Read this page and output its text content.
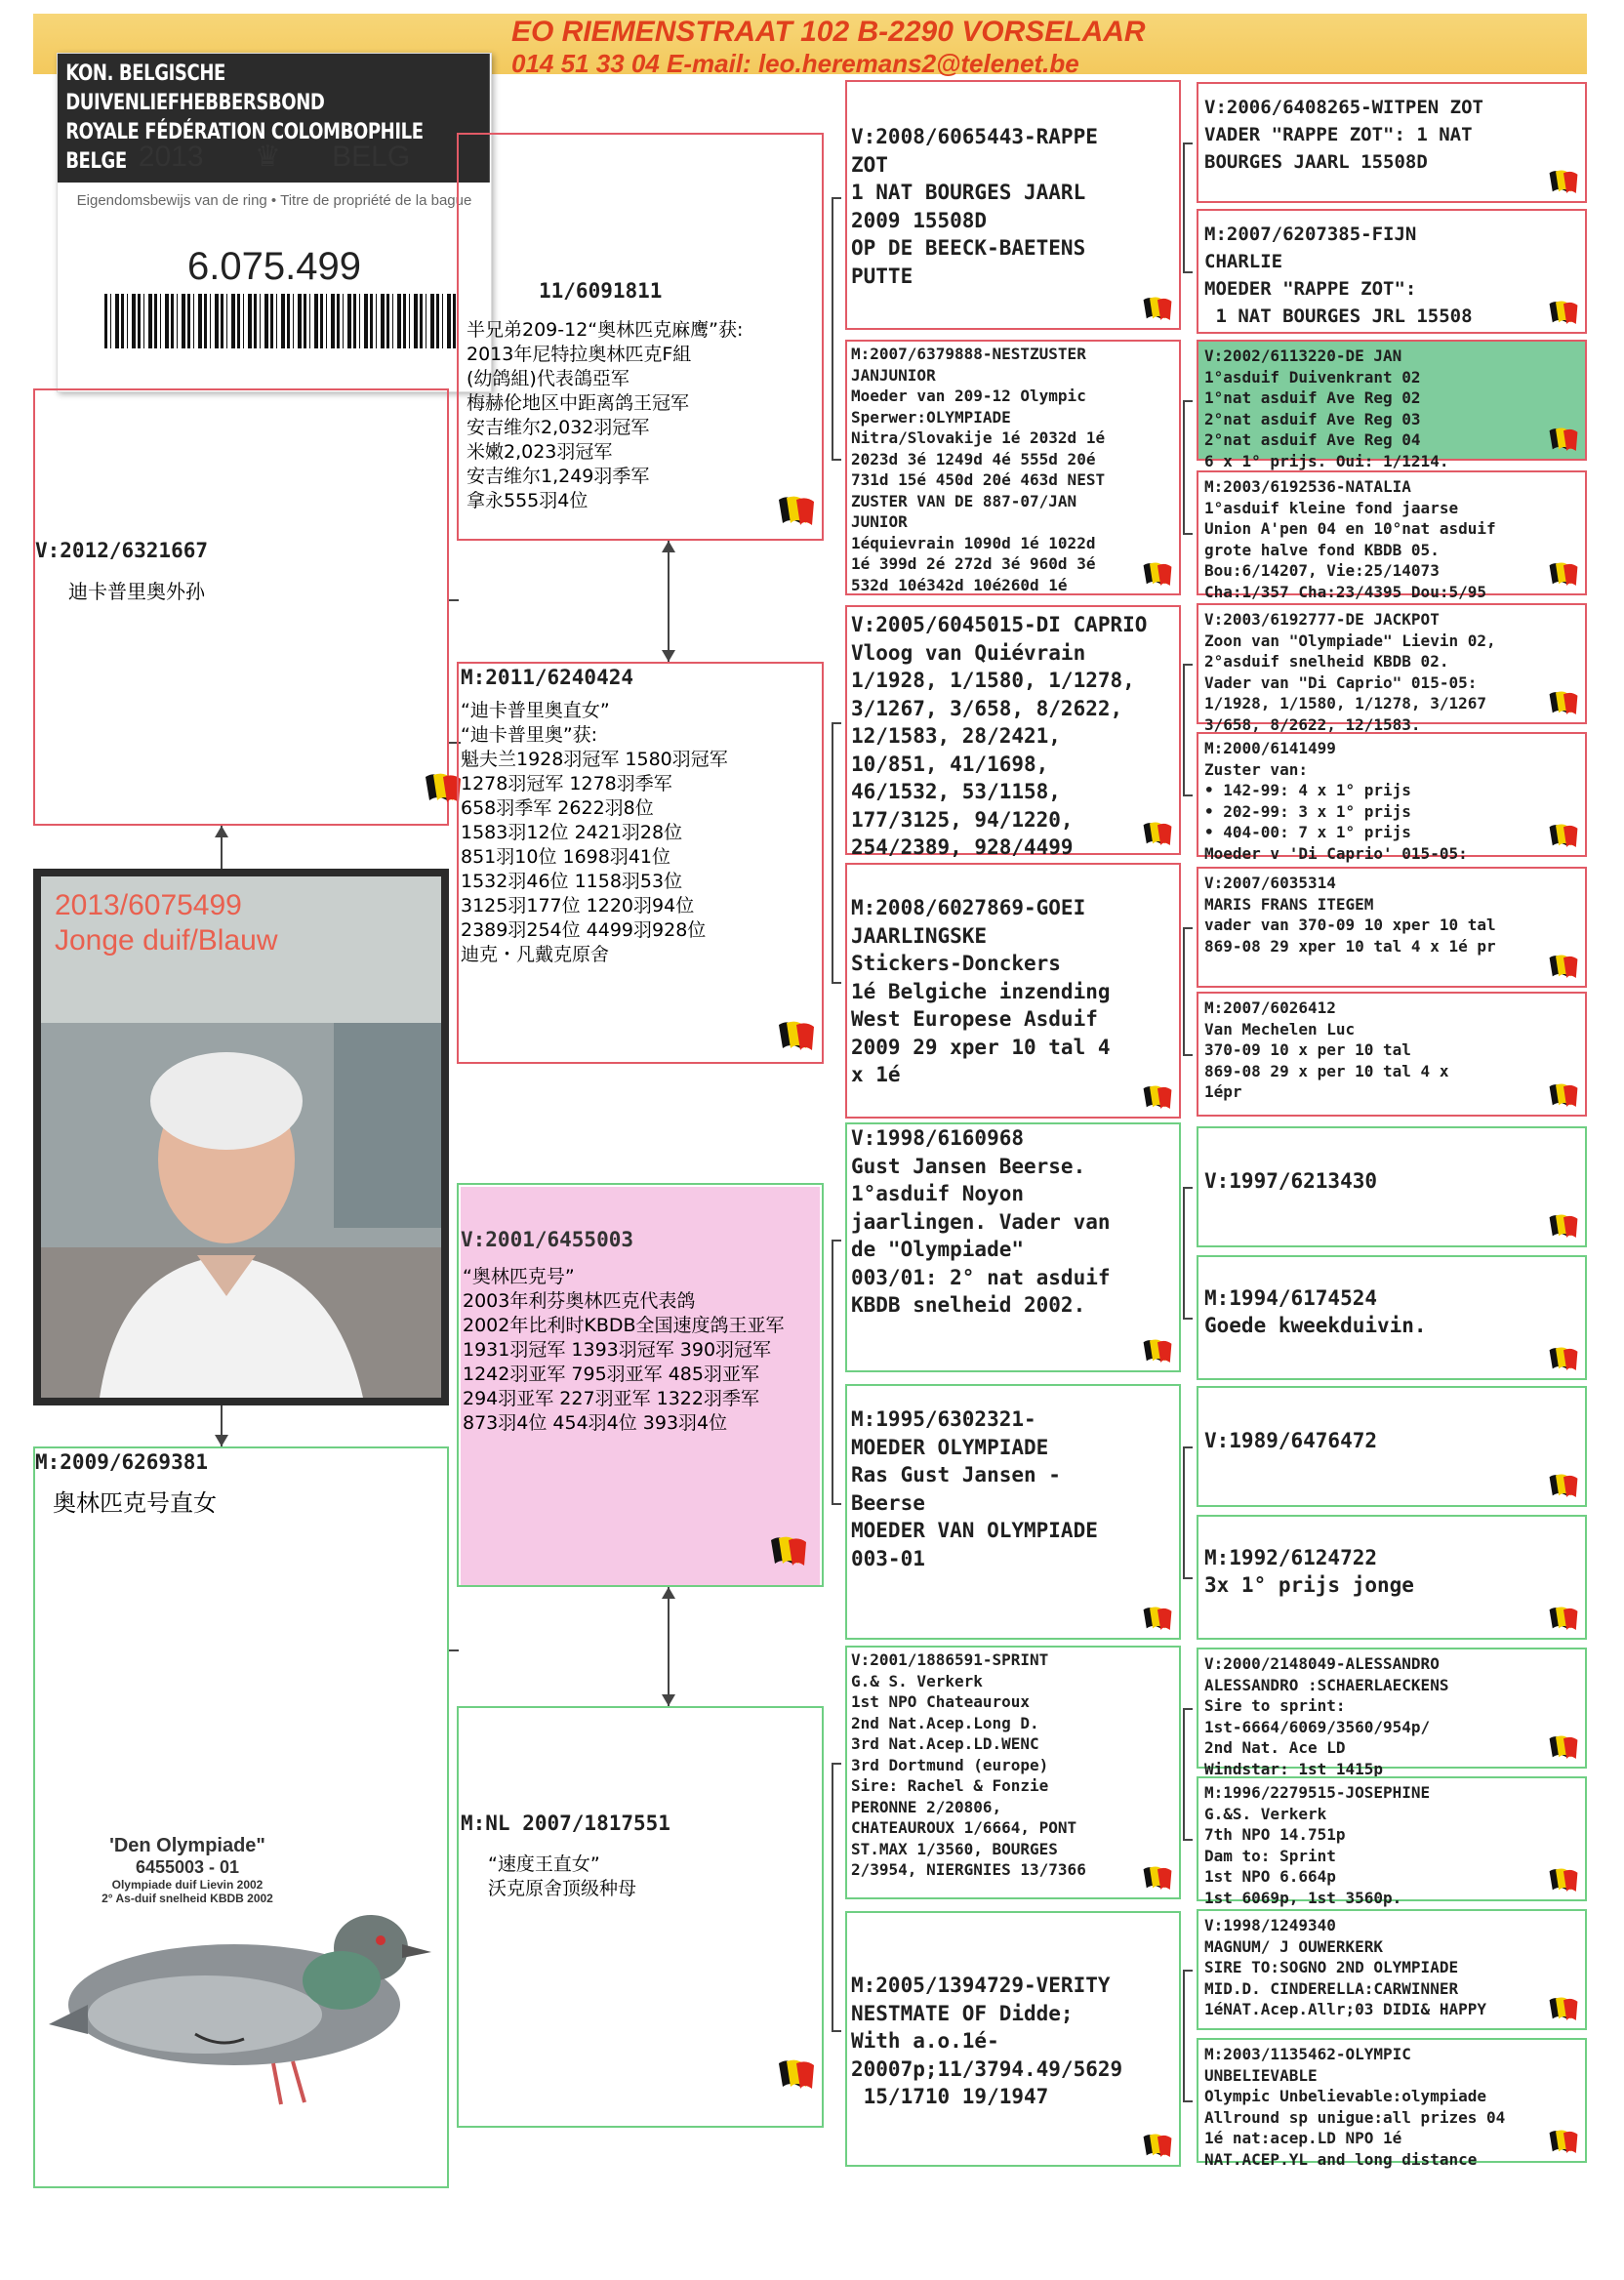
EO RIEMENSTRAAT 102 B-2290 VORSELAAR
014 51 33 04 E-mail: leo.heremans2@telenet.be
KON. BELGISCHE DUIVENLIEFHEBBERSBOND
ROYALE FÉDÉRATION COLOMBOPHILE BELGE 2013 ♛ BELG
Eigendomsbewijs van de ring • Titre de propriété de la bague
6.075.499
2013/6075499
Jonge duif/Blauw
V:2012/6321667
迪卡普里奥外孙
M:2009/6269381
奥林匹克号直女
'Den Olympiade"
6455003 - 01
Olympiade duif Lievin 2002
2° As-duif snelheid KBDB 2002
11/6091811
半兄弟209-12“奥林匹克麻鹰”获:
2013年尼特拉奥林匹克F組
(幼鸽組)代表鴿亞军
梅赫伦地区中距离鸽王冠军
安吉维尔2,032羽冠军
米嫩2,023羽冠军
安吉维尔1,249羽季军
拿永555羽4位
M:2011/6240424
“迪卡普里奥直女”
“迪卡普里奥”获:
魁夫兰1928羽冠军 1580羽冠军
1278羽冠军 1278羽季军
658羽季军 2622羽8位
1583羽12位 2421羽28位
851羽10位 1698羽41位
1532羽46位 1158羽53位
3125羽177位 1220羽94位
2389羽254位 4499羽928位
迪克・凡戴克原舍
V:2001/6455003
“奥林匹克号”
2003年利芬奥林匹克代表鸽
2002年比利时KBDB全国速度鸽王亚军
1931羽冠军 1393羽冠军 390羽冠军
1242羽亚军 795羽亚军 485羽亚军
294羽亚军 227羽亚军 1322羽季军
873羽4位 454羽4位 393羽4位
M:NL 2007/1817551
“速度王直女”
沃克原舍顶级种母
V:2008/6065443-RAPPE
ZOT
1 NAT BOURGES JAARL
2009 15508D
OP DE BEECK-BAETENS
PUTTE
M:2007/6379888-NESTZUSTER
JANJUNIOR
Moeder van 209-12 Olympic
Sperwer:OLYMPIADE
Nitra/Slovakije 1é 2032d 1é
2023d 3é 1249d 4é 555d 20é
731d 15é 450d 20é 463d NEST
ZUSTER VAN DE 887-07/JAN
JUNIOR
1équievrain 1090d 1é 1022d
1é 399d 2é 272d 3é 960d 3é
532d 10é342d 10é260d 1é
V:2005/6045015-DI CAPRIO
Vloog van Quiévrain
1/1928, 1/1580, 1/1278,
3/1267, 3/658, 8/2622,
12/1583, 28/2421,
10/851, 41/1698,
46/1532, 53/1158,
177/3125, 94/1220,
254/2389, 928/4499
M:2008/6027869-GOEI
JAARLINGSKE
Stickers-Donckers
1é Belgiche inzending
West Europese Asduif
2009 29 xper 10 tal 4
x 1é
V:1998/6160968
Gust Jansen Beerse.
1°asduif Noyon
jaarlingen. Vader van
de "Olympiade"
003/01: 2° nat asduif
KBDB snelheid 2002.
M:1995/6302321-
MOEDER OLYMPIADE
Ras Gust Jansen -
Beerse
MOEDER VAN OLYMPIADE
003-01
V:2001/1886591-SPRINT
G.& S. Verkerk
1st NPO Chateauroux
2nd Nat.Acep.Long D.
3rd Nat.Acep.LD.WENC
3rd Dortmund (europe)
Sire: Rachel & Fonzie
PERONNE 2/20806,
CHATEAUROUX 1/6664, PONT
ST.MAX 1/3560, BOURGES
2/3954, NIERGNIES 13/7366
M:2005/1394729-VERITY
NESTMATE OF Didde;
With a.o.1é-
20007p;11/3794.49/5629
15/1710 19/1947
V:2006/6408265-WITPEN ZOT
VADER "RAPPE ZOT": 1 NAT
BOURGES JAARL 15508D
M:2007/6207385-FIJN
CHARLIE
MOEDER "RAPPE ZOT":
1 NAT BOURGES JRL 15508
V:2002/6113220-DE JAN
1°asduif Duivenkrant 02
1°nat asduif Ave Reg 02
2°nat asduif Ave Reg 03
2°nat asduif Ave Reg 04
6 x 1° prijs. Oui: 1/1214.
M:2003/6192536-NATALIA
1°asduif kleine fond jaarse
Union A'pen 04 en 10°nat asduif
grote halve fond KBDB 05.
Bou:6/14207, Vie:25/14073
Cha:1/357 Cha:23/4395 Dou:5/95
V:2003/6192777-DE JACKPOT
Zoon van "Olympiade" Lievin 02,
2°asduif snelheid KBDB 02.
Vader van "Di Caprio" 015-05:
1/1928, 1/1580, 1/1278, 3/1267
3/658, 8/2622, 12/1583.
M:2000/6141499
Zuster van:
• 142-99: 4 x 1° prijs
• 202-99: 3 x 1° prijs
• 404-00: 7 x 1° prijs
Moeder v 'Di Caprio' 015-05:
V:2007/6035314
MARIS FRANS ITEGEM
vader van 370-09 10 xper 10 tal
869-08 29 xper 10 tal 4 x 1é pr
M:2007/6026412
Van Mechelen Luc
370-09 10 x per 10 tal
869-08 29 x per 10 tal 4 x
1épr
V:1997/6213430
M:1994/6174524
Goede kweekduivin.
V:1989/6476472
M:1992/6124722
3x 1° prijs jonge
V:2000/2148049-ALESSANDRO
ALESSANDRO :SCHAERLAECKENS
Sire to sprint:
1st-6664/6069/3560/954p/
2nd Nat. Ace LD
Windstar: 1st 1415p
M:1996/2279515-JOSEPHINE
G.&S. Verkerk
7th NPO 14.751p
Dam to: Sprint
1st NPO 6.664p
1st 6069p, 1st 3560p.
V:1998/1249340
MAGNUM/ J OUWERKERK
SIRE TO:SOGNO 2ND OLYMPIADE
MID.D. CINDERELLA:CARWINNER
1éNAT.Acep.Allr;03 DIDI& HAPPY
M:2003/1135462-OLYMPIC
UNBELIEVABLE
Olympic Unbelievable:olympiade
Allround sp unigue:all prizes 04
1é nat:acep.LD NPO 1é
NAT.ACEP.YL and long distance
